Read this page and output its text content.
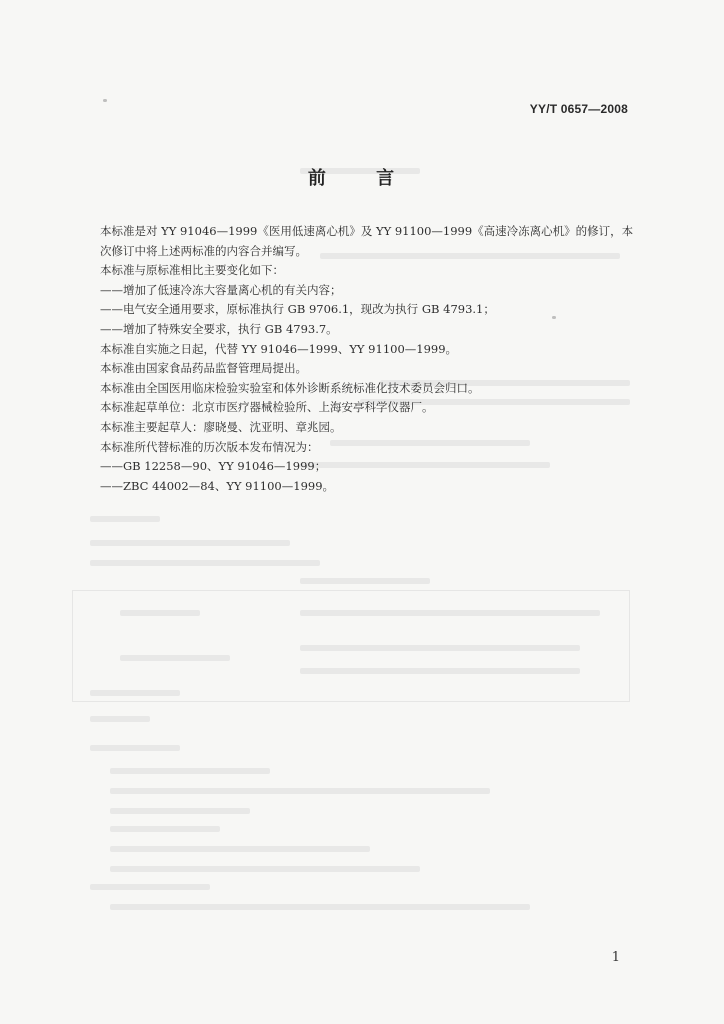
YY/T 0657—2008
前 言
本标准是对 YY 91046—1999《医用低速离心机》及 YY 91100—1999《高速冷冻离心机》的修订，本次修订中将上述两标准的内容合并编写。
本标准与原标准相比主要变化如下：
——增加了低速冷冻大容量离心机的有关内容；
——电气安全通用要求，原标准执行 GB 9706.1，现改为执行 GB 4793.1；
——增加了特殊安全要求，执行 GB 4793.7。
本标准自实施之日起，代替 YY 91046—1999、YY 91100—1999。
本标准由国家食品药品监督管理局提出。
本标准由全国医用临床检验实验室和体外诊断系统标准化技术委员会归口。
本标准起草单位：北京市医疗器械检验所、上海安亭科学仪器厂。
本标准主要起草人：廖晓曼、沈亚明、章兆园。
本标准所代替标准的历次版本发布情况为：
——GB 12258—90、YY 91046—1999；
——ZBC 44002—84、YY 91100—1999。
1
